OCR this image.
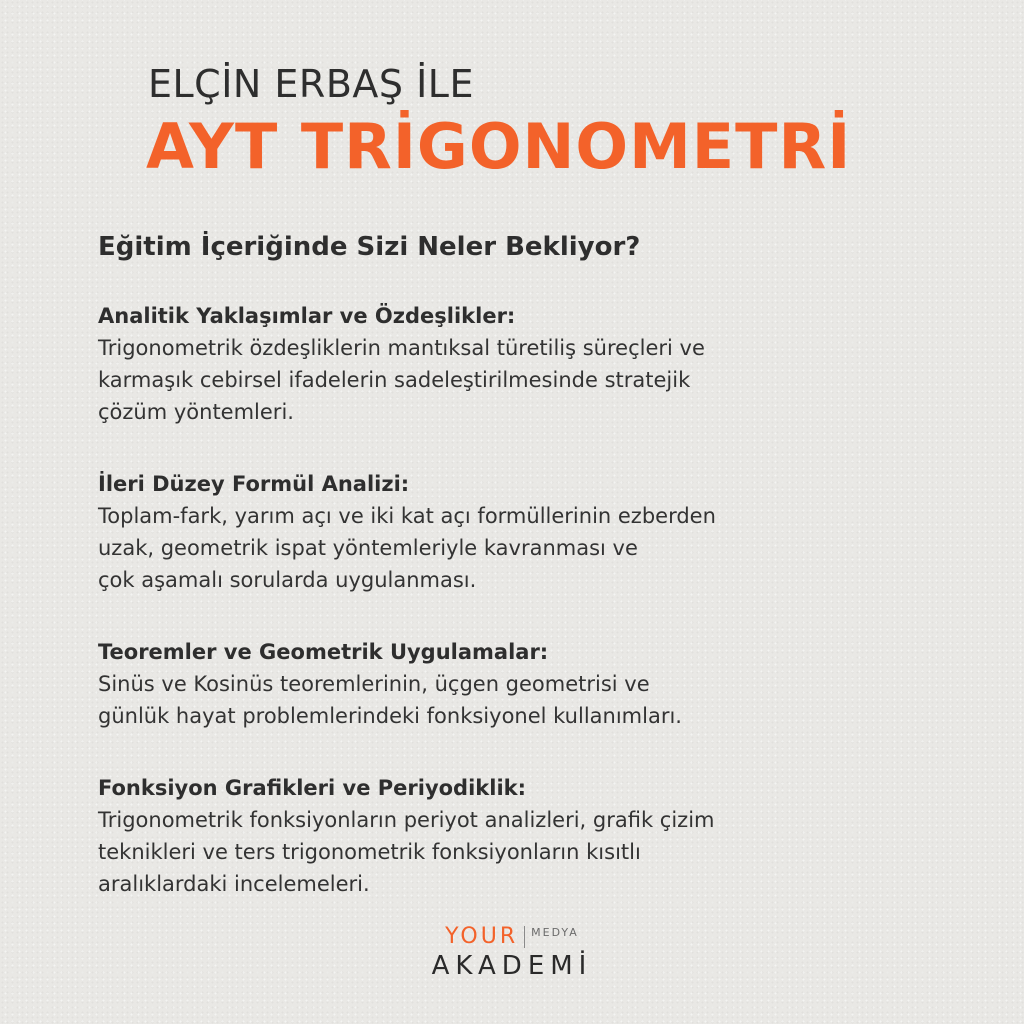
ELÇİN ERBAŞ İLE
AYT TRİGONOMETRİ
Eğitim İçeriğinde Sizi Neler Bekliyor?
Analitik Yaklaşımlar ve Özdeşlikler:
Trigonometrik özdeşliklerin mantıksal türetiliş süreçleri ve
karmaşık cebirsel ifadelerin sadeleştirilmesinde stratejik
çözüm yöntemleri.
İleri Düzey Formül Analizi:
Toplam-fark, yarım açı ve iki kat açı formüllerinin ezberden
uzak, geometrik ispat yöntemleriyle kavranması ve
çok aşamalı sorularda uygulanması.
Teoremler ve Geometrik Uygulamalar:
Sinüs ve Kosinüs teoremlerinin, üçgen geometrisi ve
günlük hayat problemlerindeki fonksiyonel kullanımları.
Fonksiyon Grafikleri ve Periyodiklik:
Trigonometrik fonksiyonların periyot analizleri, grafik çizim
teknikleri ve ters trigonometrik fonksiyonların kısıtlı
aralıklardaki incelemeleri.
YOUR MEDYA
AKADEMİ
